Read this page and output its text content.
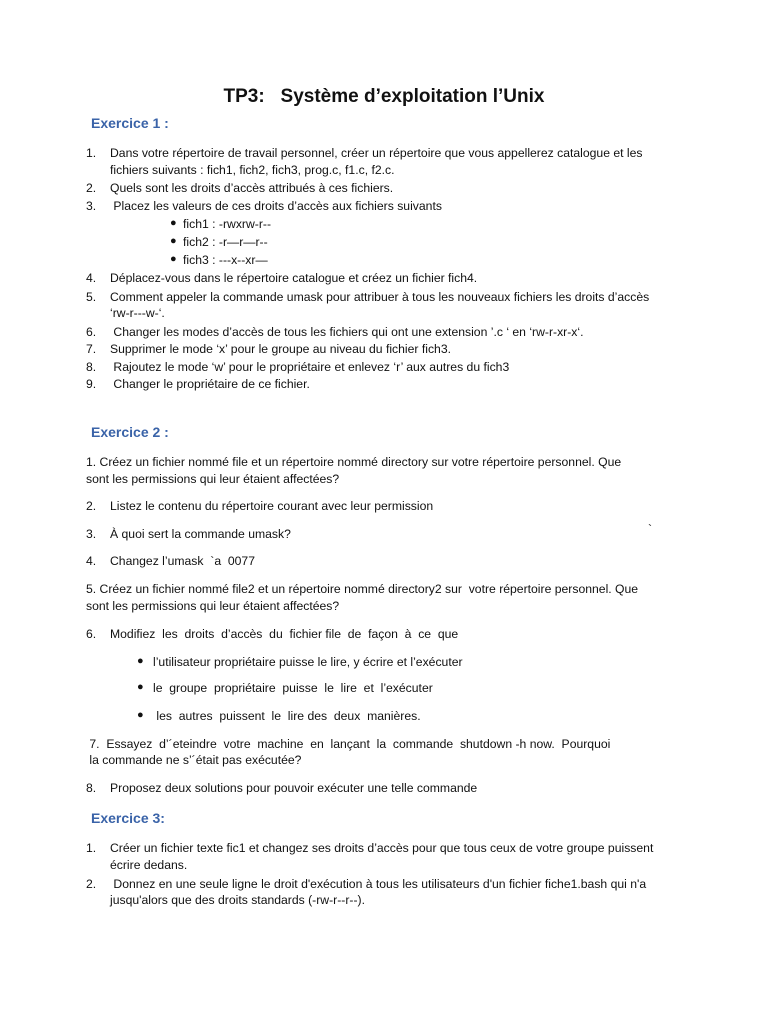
TP3:   Système d’exploitation l’Unix
Exercice 1 :
1. Dans votre répertoire de travail personnel, créer un répertoire que vous appellerez catalogue et les
fichiers suivants : fich1, fich2, fich3, prog.c, f1.c, f2.c.
2. Quels sont les droits d’accès attribués à ces fichiers.
3. Placez les valeurs de ces droits d’accès aux fichiers suivants
● fich1 : -rwxrw-r--
● fich2 : -r—r—r--
● fich3 : ---x--xr—
4. Déplacez-vous dans le répertoire catalogue et créez un fichier fich4.
5. Comment appeler la commande umask pour attribuer à tous les nouveaux fichiers les droits d’accès
‘rw-r---w-‘.
6. Changer les modes d’accès de tous les fichiers qui ont une extension ’.c ‘ en ‘rw-r-xr-x‘.
7. Supprimer le mode ‘x’ pour le groupe au niveau du fichier fich3.
8. Rajoutez le mode ‘w’ pour le propriétaire et enlevez ‘r’ aux autres du fich3
9. Changer le propriétaire de ce fichier.
Exercice 2 :
1. Créez un fichier nommé file et un répertoire nommé directory sur votre répertoire personnel. Que
sont les permissions qui leur étaient affectées?
2. Listez le contenu du répertoire courant avec leur permission
3. À quoi sert la commande umask?	`
4. Changez l’umask  `a  0077
5. Créez un fichier nommé file2 et un répertoire nommé directory2 sur  votre répertoire personnel. Que
sont les permissions qui leur étaient affectées?
6. Modifiez  les  droits  d’accès  du  fichier file  de  façon  à  ce  que
● l’utilisateur propriétaire puisse le lire, y écrire et l’exécuter
● le  groupe  propriétaire  puisse  le  lire  et  l’exécuter
● les  autres  puissent  le  lire des  deux  manières.
7.  Essayez  d’´eteindre  votre  machine  en  lançant  la  commande  shutdown -h now.  Pourquoi
la commande ne s’´était pas exécutée?
8. Proposez deux solutions pour pouvoir exécuter une telle commande
Exercice 3:
1. Créer un fichier texte fic1 et changez ses droits d’accès pour que tous ceux de votre groupe puissent
écrire dedans.
2. Donnez en une seule ligne le droit d'exécution à tous les utilisateurs d'un fichier fiche1.bash qui n'a
jusqu'alors que des droits standards (-rw-r--r--).
